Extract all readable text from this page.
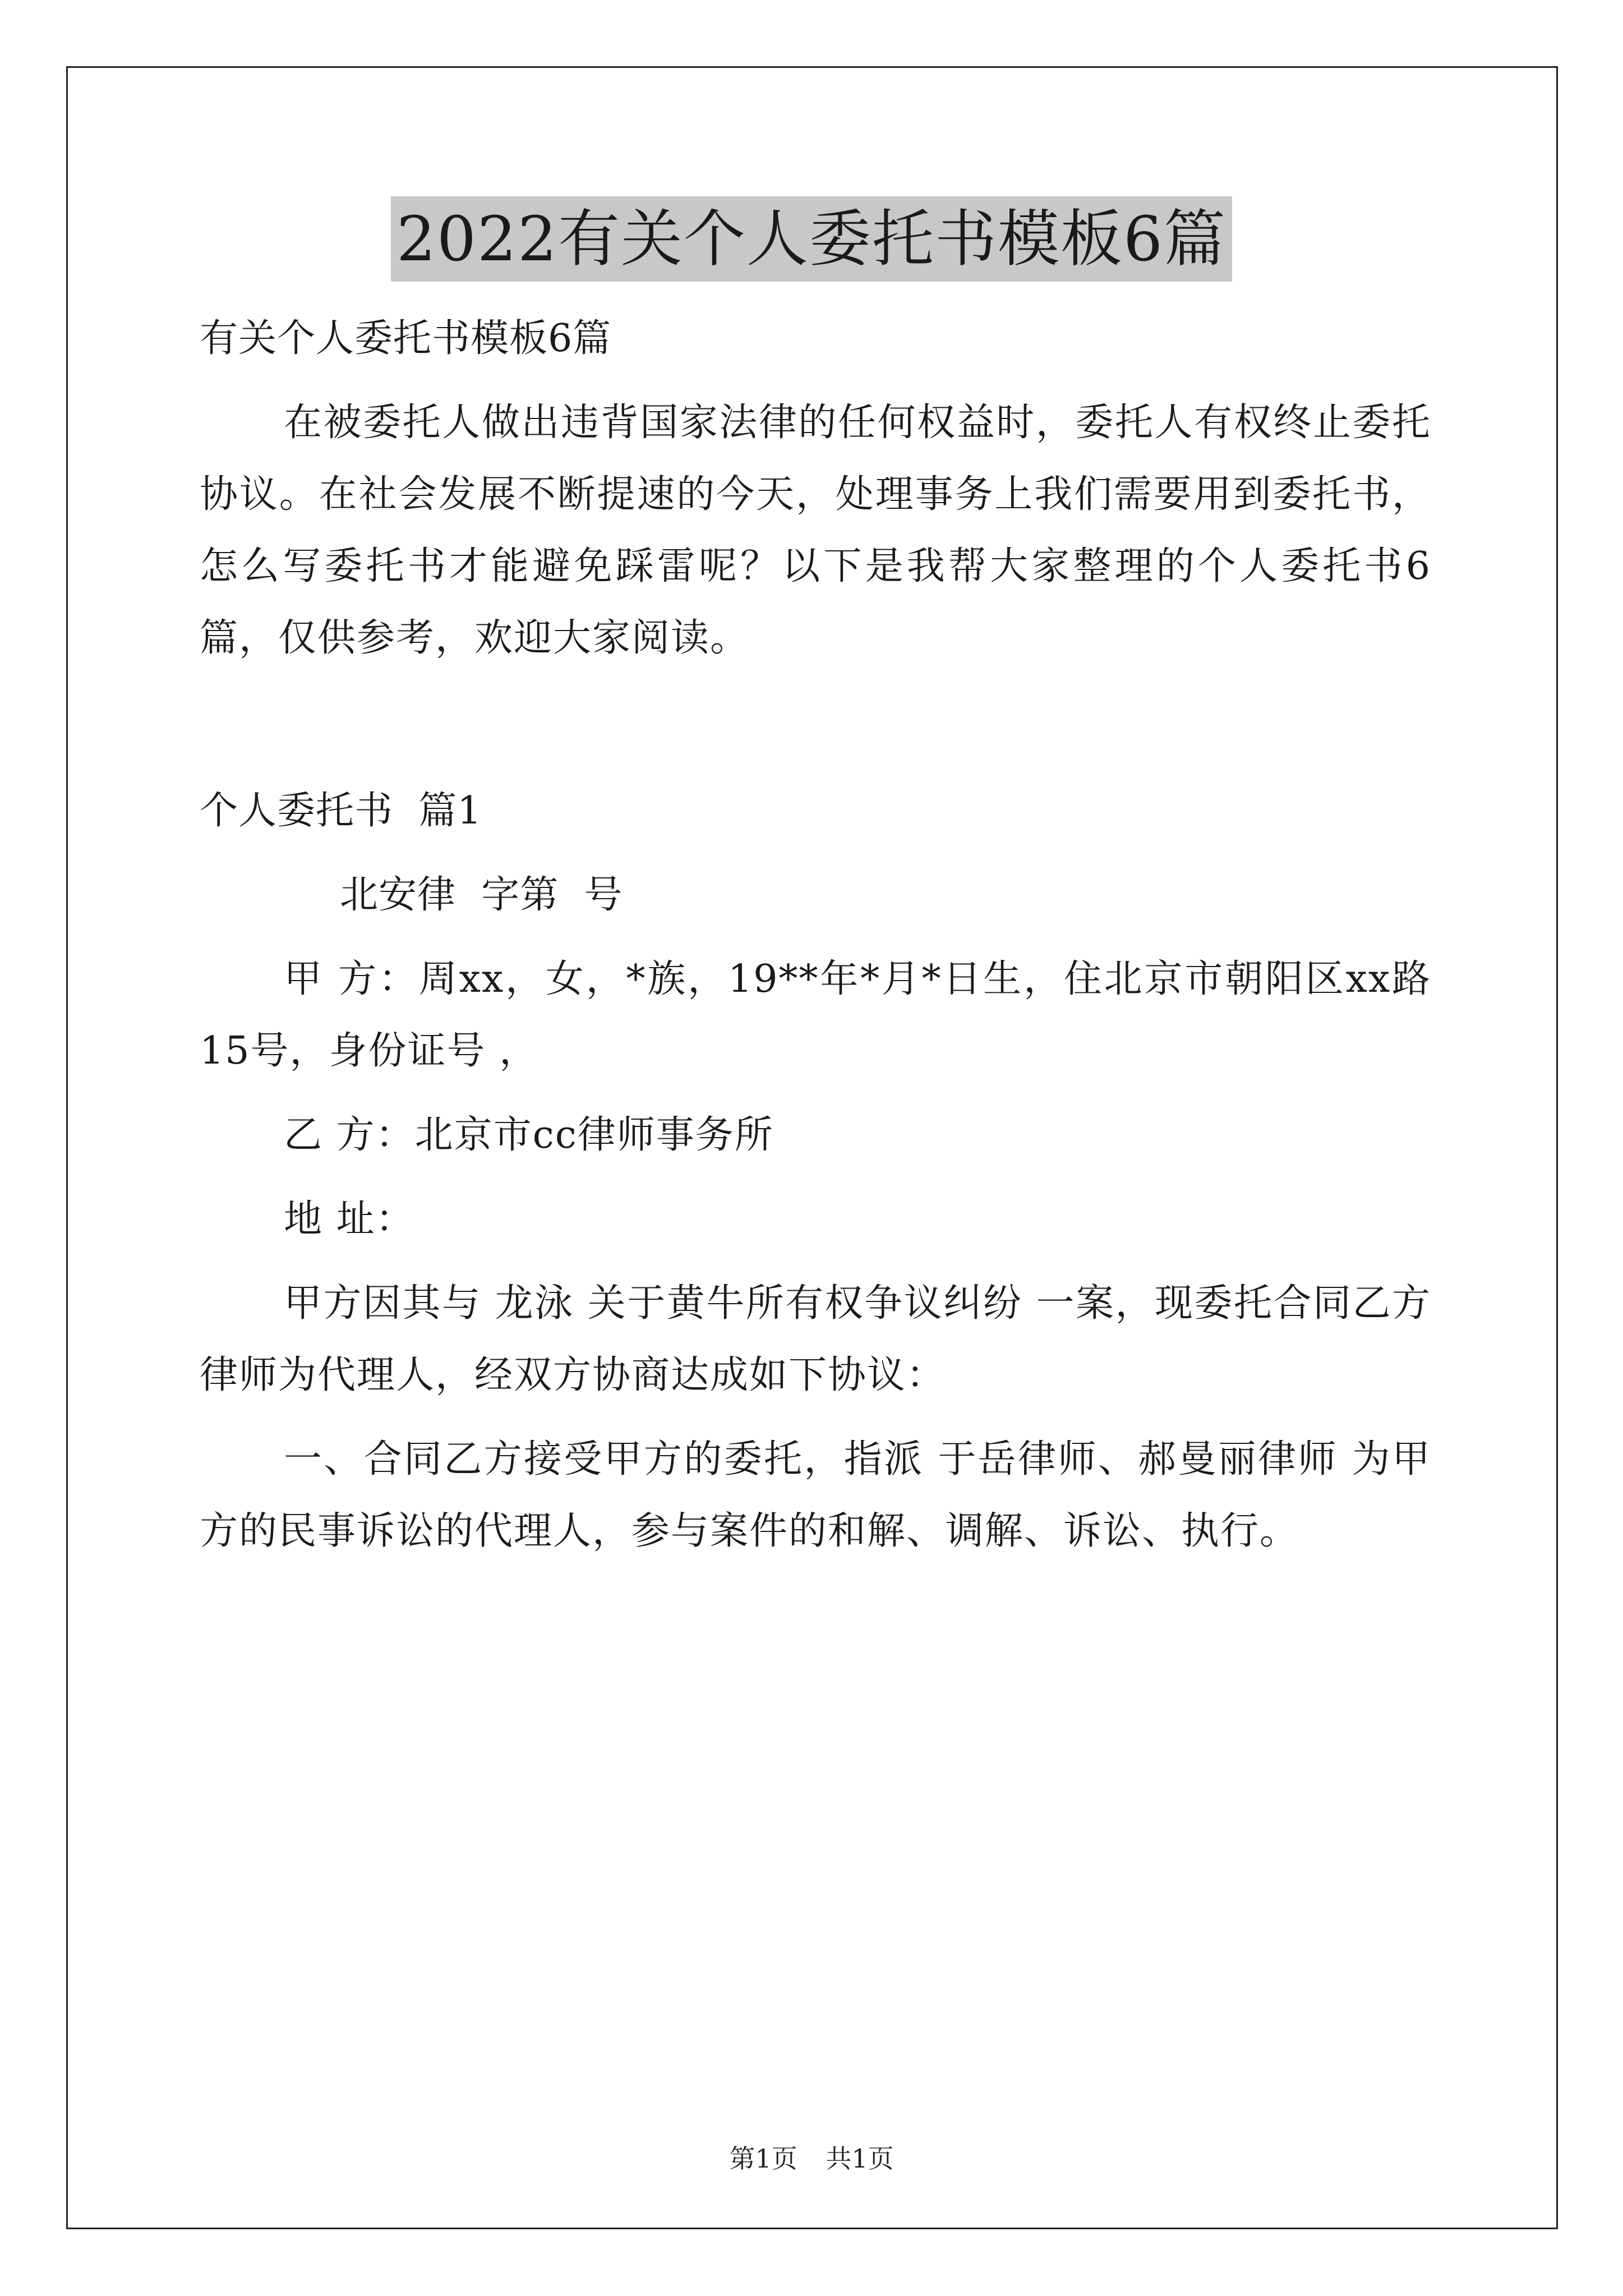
2022有关个人委托书模板6篇

有关个人委托书模板6篇

在被委托人做出违背国家法律的任何权益时，委托人有权终止委托协议。在社会发展不断提速的今天，处理事务上我们需要用到委托书，怎么写委托书才能避免踩雷呢？以下是我帮大家整理的个人委托书6篇，仅供参考，欢迎大家阅读。

个人委托书  篇1

北安律  字第  号

甲 方：周xx，女，*族，19**年*月*日生，住北京市朝阳区xx路15号，身份证号 ，

乙 方：北京市cc律师事务所

地 址：

甲方因其与 龙泳 关于黄牛所有权争议纠纷 一案，现委托合同乙方律师为代理人，经双方协商达成如下协议：

一、合同乙方接受甲方的委托，指派 于岳律师、郝曼丽律师 为甲方的民事诉讼的代理人，参与案件的和解、调解、诉讼、执行。

第1页 共1页
